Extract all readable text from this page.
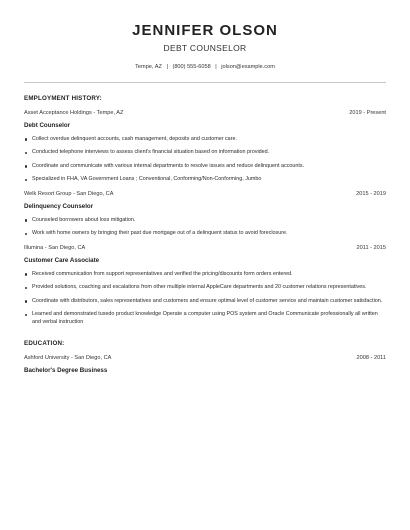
JENNIFER OLSON
DEBT COUNSELOR
Tempe, AZ | (800) 555-6058 | jolson@example.com
EMPLOYMENT HISTORY:
Asset Acceptance Holdings - Tempe, AZ	2019 - Present
Debt Counselor
Collect overdue delinquent accounts, cash management, deposits and customer care.
Conducted telephone interviews to assess client's financial situation based on information provided.
Coordinate and communicate with various internal departments to resolve issues and reduce delinquent accounts.
Specialized in FHA, VA Government Loans ; Conventional, Conforming/Non-Conforming, Jumbo
Welk Resort Group - San Diego, CA	2015 - 2019
Delinquency Counselor
Counseled borrowers about loss mitigation.
Work with home owners by bringing their past due mortgage out of a delinquent status to avoid foreclosure.
Illumina - San Diego, CA	2011 - 2015
Customer Care Associate
Received communication from support representatives and verified the pricing/discounts form orders entered.
Provided solutions, coaching and escalations from other multiple internal AppleCare departments and 20 customer relations representatives.
Coordinate with distributors, sales representatives and customers and ensure optimal level of customer service and maintain customer satisfaction.
Learned and demonstrated tuxedo product knowledge Operate a computer using POS system and Oracle Communicate professionally all written and verbal instruction
EDUCATION:
Ashford University - San Diego, CA	2008 - 2011
Bachelor's Degree Business
